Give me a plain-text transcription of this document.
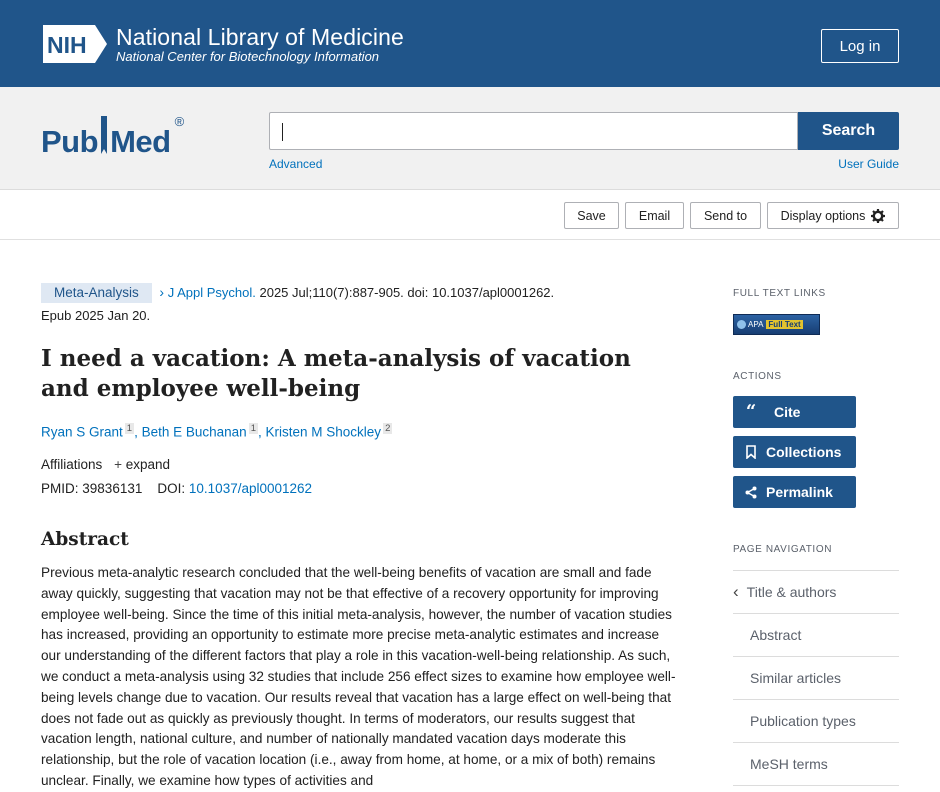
NIH National Library of Medicine
National Center for Biotechnology Information
Log in
Pub Med
®
Search
Advanced	User Guide
Save	Email	Send to	Display options
Meta-Analysis › J Appl Psychol. 2025 Jul;110(7):887-905. doi: 10.1037/apl0001262.
Epub 2025 Jan 20.
I need a vacation: A meta-analysis of vacation and employee well-being
Ryan S Grant $^1$ , Beth E Buchanan $^1$ , Kristen M Shockley $^2$
Affiliations + expand
PMID: 39836131 DOI: 10.1037/apl0001262
Abstract

Previous meta-analytic research concluded that the well-being benefits of vacation are small and fade away quickly, suggesting that vacation may not be that effective of a recovery opportunity for improving employee well-being. Since the time of this initial meta-analysis, however, the number of vacation studies has increased, providing an opportunity to estimate more precise meta-analytic estimates and increase our understanding of the different factors that play a role in this vacation-well-being relationship. As such, we conduct a meta-analysis using 32 studies that include 256 effect sizes to examine how employee well-being levels change due to vacation. Our results reveal that vacation has a large effect on well-being that does not fade out as quickly as previously thought. In terms of moderators, our results suggest that vacation length, national culture, and number of nationally mandated vacation days moderate this relationship, but the role of vacation location (i.e., away from home, at home, or a mix of both) remains unclear. Finally, we examine how types of activities and

FULL TEXT LINKS
APA Full Text
ACTIONS
“ Cite
Collections
Permalink
PAGE NAVIGATION
‹ Title & authors
Abstract
Similar articles
Publication types
MeSH terms
